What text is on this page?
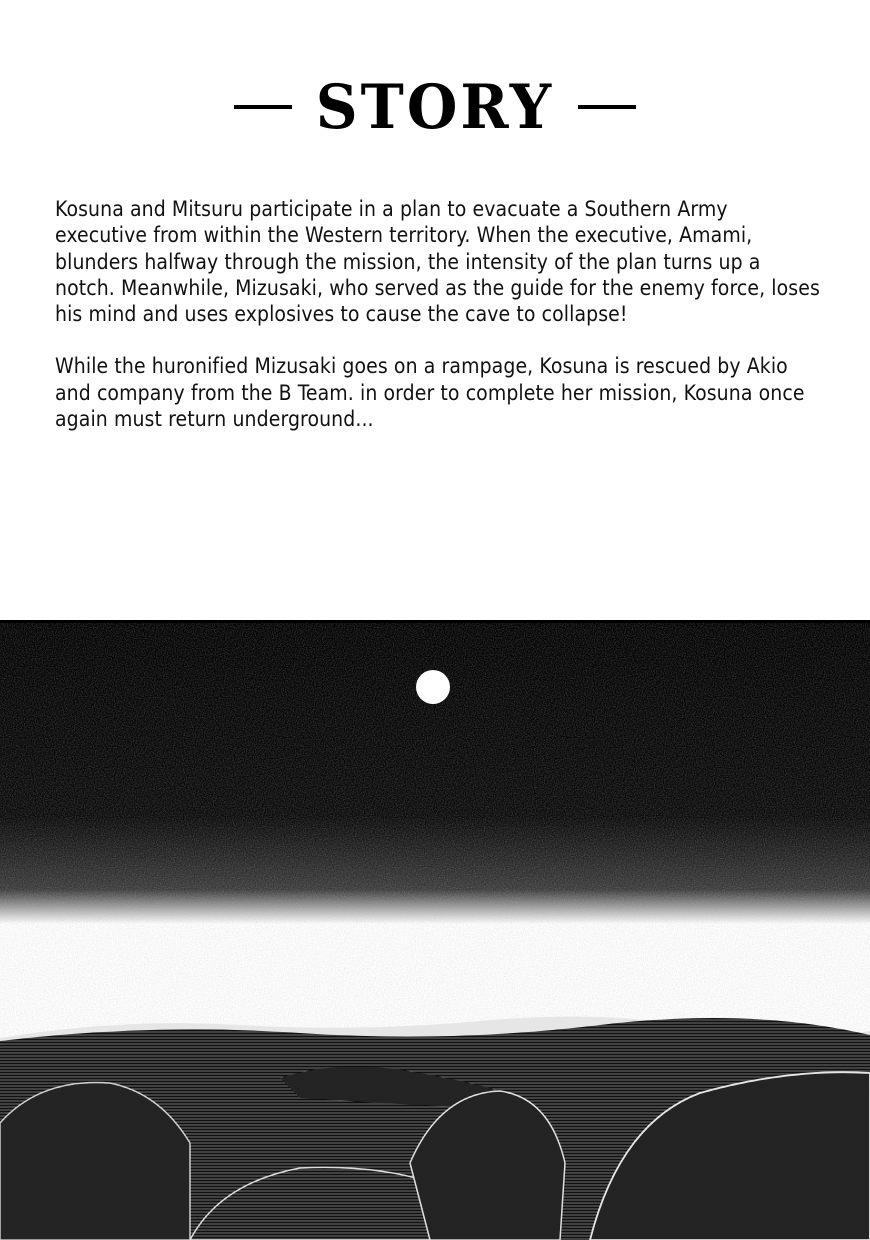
STORY

Kosuna and Mitsuru participate in a plan to evacuate a Southern Army executive from within the Western territory. When the executive, Amami, blunders halfway through the mission, the intensity of the plan turns up a notch. Meanwhile, Mizusaki, who served as the guide for the enemy force, loses his mind and uses explosives to cause the cave to collapse!

While the huronified Mizusaki goes on a rampage, Kosuna is rescued by Akio and company from the B Team. in order to complete her mission, Kosuna once again must return underground...
